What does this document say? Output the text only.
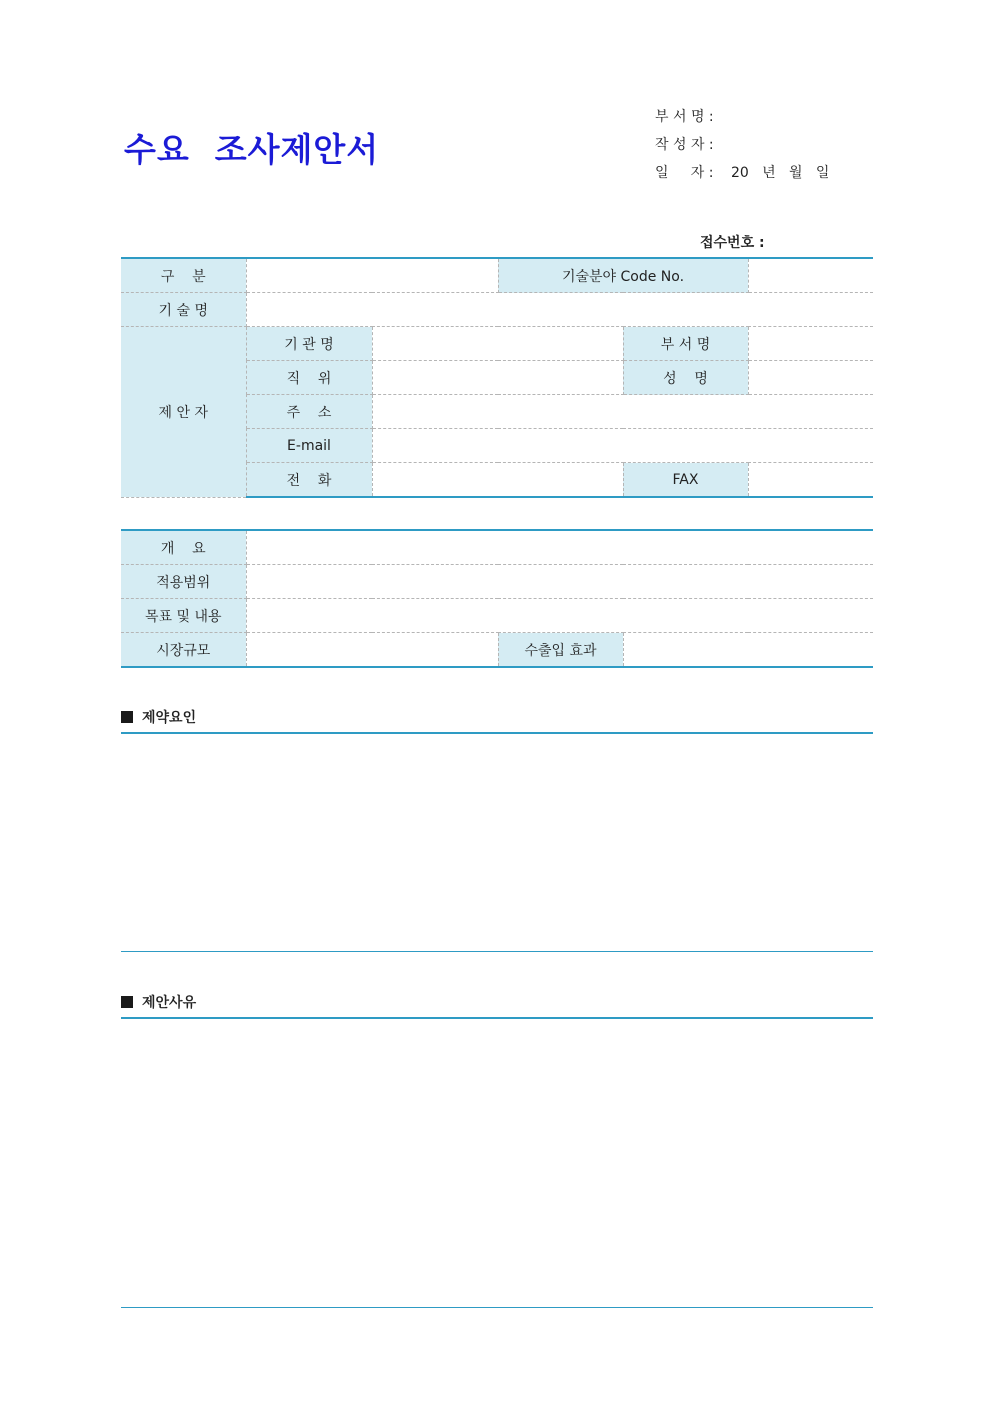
수요  조사제안서
부 서 명 :
작 성 자 :
일     자 :	20   년   월   일
접수번호 :
구    분			기술분야 Code No.		
기 술 명					
제 안 자	기 관 명			부 서 명	
	직    위			성    명	
	주    소				
	E-mail				
	전    화			FAX	
개    요			
적용범위			
목표 및 내용			
시장규모		수출입 효과	
제약요인
제안사유
